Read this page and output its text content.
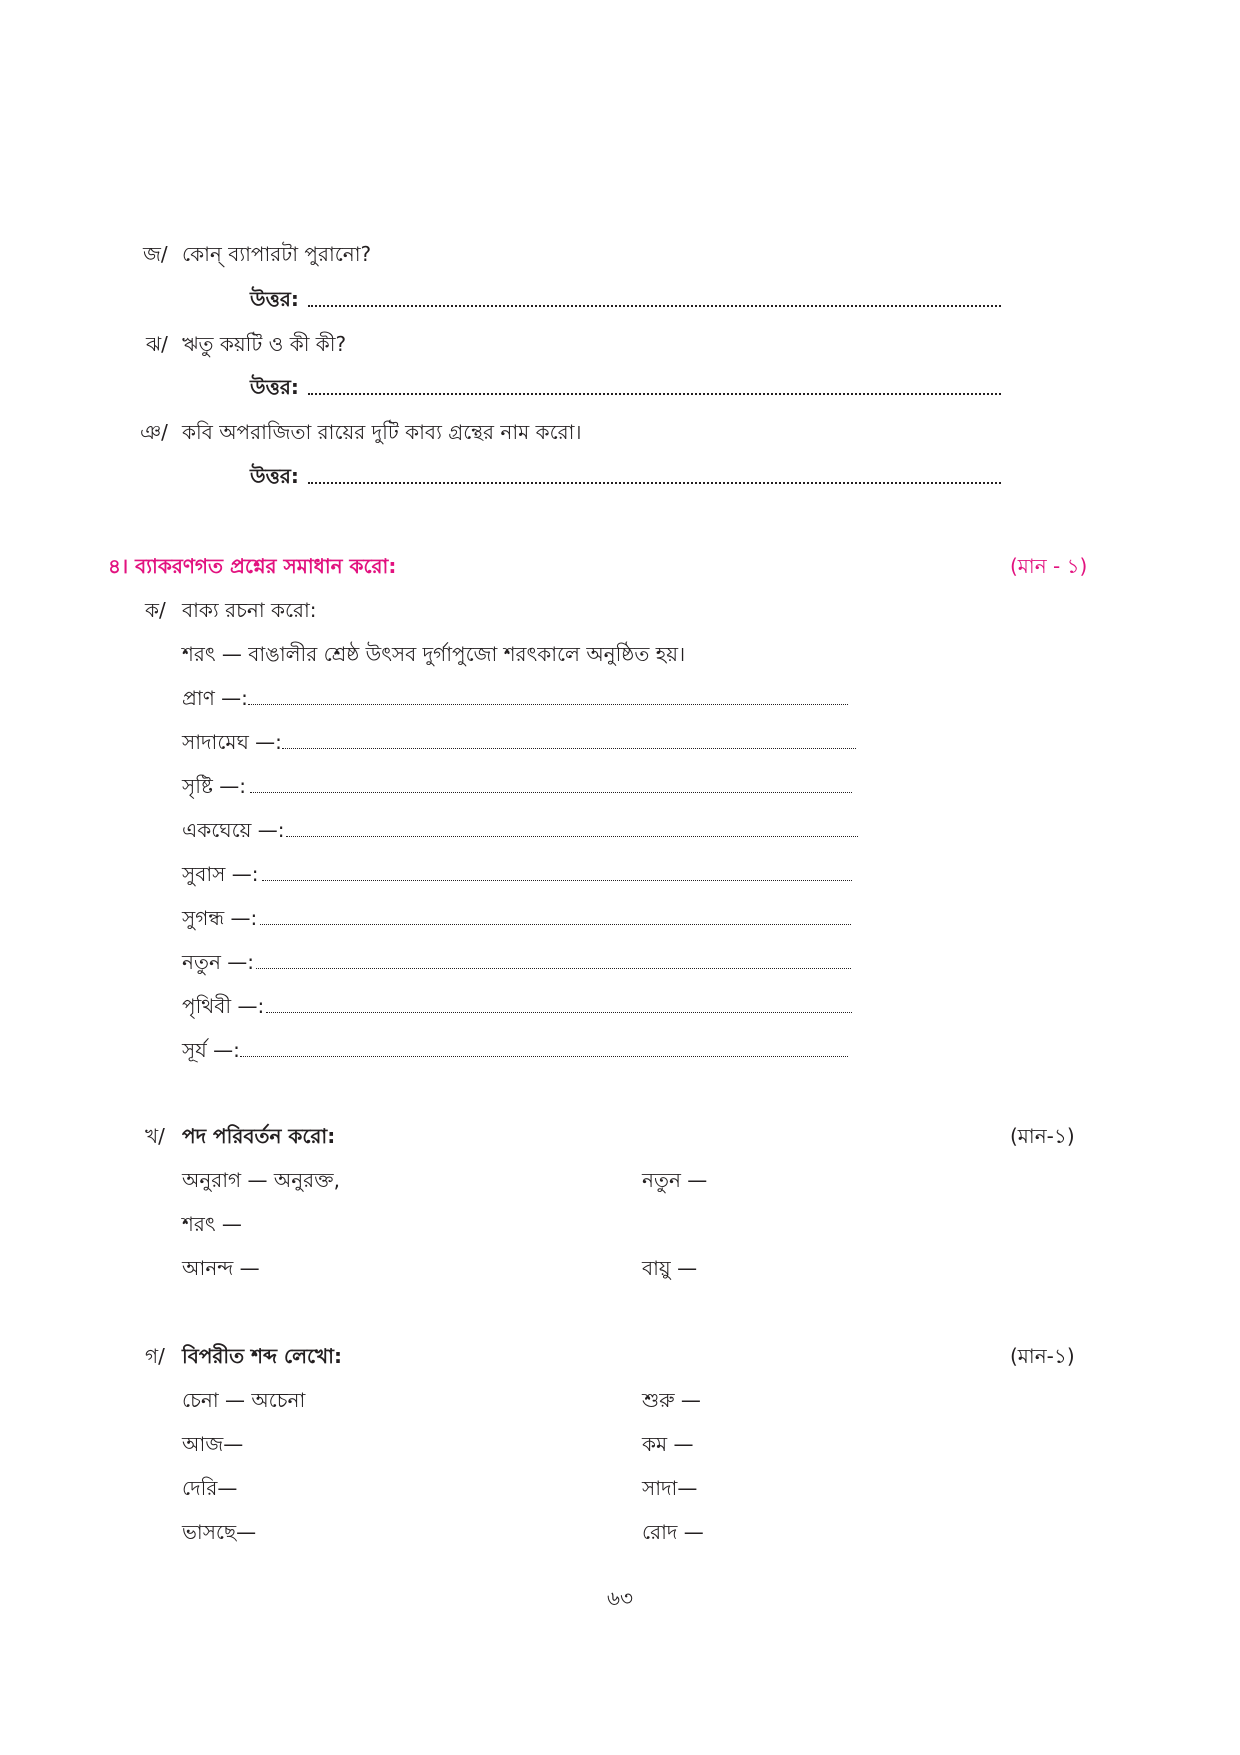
জ/ কোন্ ব্যাপারটা পুরানো?
উত্তর:
ঝ/ ঋতু কয়টি ও কী কী?
উত্তর:
ঞ/ কবি অপরাজিতা রায়ের দুটি কাব্য গ্রন্থের নাম করো।
উত্তর:
৪। ব্যাকরণগত প্রশ্নের সমাধান করো:	(মান - ১)
ক/ বাক্য রচনা করো:
শরৎ — বাঙালীর শ্রেষ্ঠ উৎসব দুর্গাপুজো শরৎকালে অনুষ্ঠিত হয়।
প্রাণ —:
সাদামেঘ —:
সৃষ্টি —:
একঘেয়ে —:
সুবাস —:
সুগন্ধ —:
নতুন —:
পৃথিবী —:
সূর্য —:
খ/ পদ পরিবর্তন করো:	(মান-১)
অনুরাগ — অনুরক্ত,	নতুন —
শরৎ —
আনন্দ —	বায়ু —
গ/ বিপরীত শব্দ লেখো:	(মান-১)
চেনা — অচেনা	শুরু —
আজ—	কম —
দেরি—	সাদা—
ভাসছে—	রোদ —
৬৩
